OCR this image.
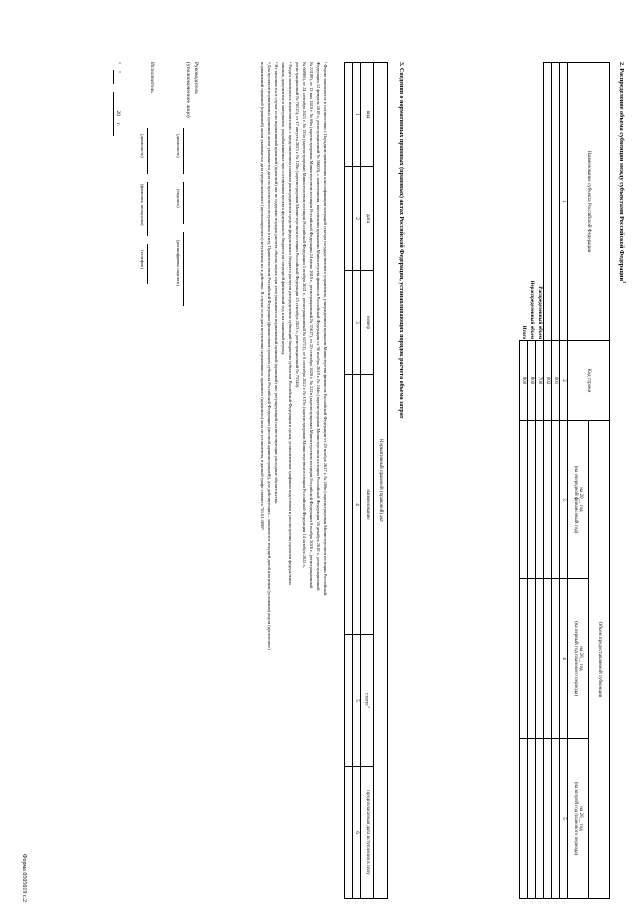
Форма 0505019 с.2
2. Распределение объема субвенции между субъектами Российской Федерации$^3$
Наименование субъекта Российской Федерации	Код строки	Объем предоставляемой субвенции		
		на 20__ год
(на очередной финансовый год)	на 20__ год
(на первый год планового периода)	на 20__ год
(на второй год планового периода)
1	2	3	4	5
	001			
	002			
Распределенный объем	700			
Нераспределенный объем	800			
Итого	900			
3. Сведения о нормативных правовых (правовых) актах Российской Федерации, устанавливающих порядок расчета объема затрат
Нормативный правовой (правовой) акт					
вид	дата	номер	наименование	статус$^5$	предполагаемая дата вступления в силу
1	2	3	4	5	6

¹ Форма заполняется в соответствии с Порядком применения классификации операций сектора государственного управления, утвержденным приказом Министерства финансов Российской Федерации от 29 ноября 2017 г. № 209н (зарегистрирован Министерством юстиции Российской
Федерации 12 февраля 2018 г., регистрационный № 50003), с изменениями, внесенными приказами Министерства финансов Российской Федерации от 30 ноября 2018 г. № 244н (зарегистрирован Министерством юстиции Российской Федерации 26 декабря 2018 г., регистрационный
№ 53188), от 13 мая 2019 г. № 69н (зарегистрирован Министерством юстиции Российской Федерации 24 июня 2019 г., регистрационный № 55017), от 29 сентября 2020 г. № 222н (зарегистрирован Министерством юстиции Российской Федерации 9 ноября 2020 г., регистрационный
№ 60806), от 24 сентября 2021 г. № 135н (зарегистрирован Министерством юстиции Российской Федерации 5 ноября 2021 г., регистрационный № 65713), от 6 сентября 2022 г. № 137н (зарегистрирован Министерством юстиции Российской Федерации 14 октября 2022 г.,
регистрационный № 70515), от 17 августа 2023 г. № 128н (зарегистрирован Министерством юстиции Российской Федерации 25 сентября 2023 г., регистрационный № 75340).
² Раздел заполняется исключительно с представлением главным распорядителем средств федерального бюджета расчетов распределения субвенций бюджетам субъектов Российской Федерации в сроки, установленные графиком подготовки и рассмотрения проектов федеральных
законов, документов и материалов, разрабатываемых при составлении проекта федерального бюджета на очередной финансовый год и на плановый период.
³ Не заполняется в случае если нормативный правовой (правовой) акт не содержит порядок расчета объема затрат, при этом указывается нормативный правовой (правовой) акт, регулирующий соответствующие расходные обязательства.
⁴ Для проектов нормативных правовых актов указывается дата их прогнозного вступления в силу Правительством Российской Федерации (финансовым органом субъекта Российской Федерации (местной администрацией)), для действующих – заполняется текущей датой или иным (условным) кодом (прогнозное)
нормативный правовой (правовой) актов указывается дата предполагаемого (прогнозируемого) вступления их в действие. В случае если дата вступления нормативного правового (правового) акта не установлена, в данной графе ставится "01.01.2099".
Руководитель
(уполномоченное лицо)
(должность)
(подпись)
(расшифровка подписи)
Исполнитель
(должность)
(фамилия, инициалы)
(телефон)
"     "                           20     г.
